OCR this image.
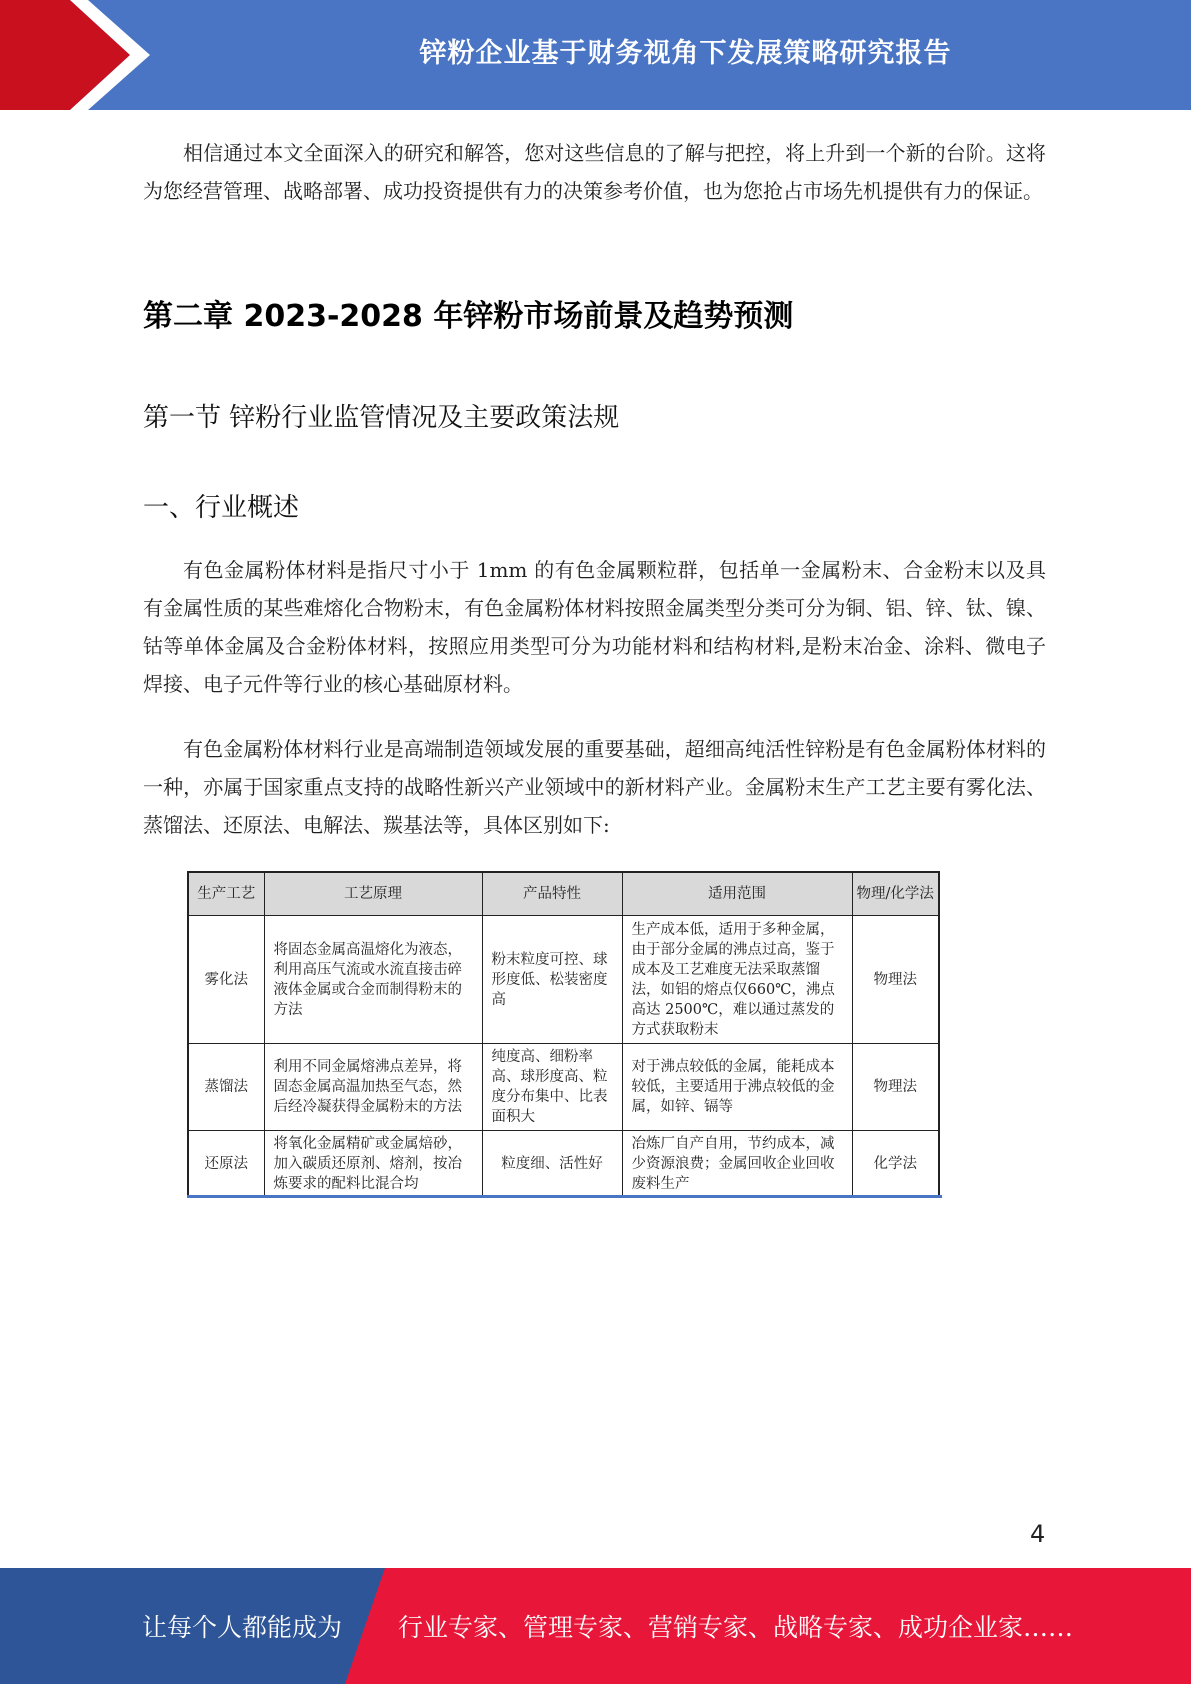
锌粉企业基于财务视角下发展策略研究报告

相信通过本文全面深入的研究和解答，您对这些信息的了解与把控，将上升到一个新的台阶。这将为您经营管理、战略部署、成功投资提供有力的决策参考价值，也为您抢占市场先机提供有力的保证。

第二章 2023-2028 年锌粉市场前景及趋势预测
第一节 锌粉行业监管情况及主要政策法规
一、行业概述

有色金属粉体材料是指尺寸小于 1mm 的有色金属颗粒群，包括单一金属粉末、合金粉末以及具有金属性质的某些难熔化合物粉末，有色金属粉体材料按照金属类型分类可分为铜、铝、锌、钛、镍、钴等单体金属及合金粉体材料，按照应用类型可分为功能材料和结构材料,是粉末冶金、涂料、微电子焊接、电子元件等行业的核心基础原材料。

有色金属粉体材料行业是高端制造领域发展的重要基础，超细高纯活性锌粉是有色金属粉体材料的一种，亦属于国家重点支持的战略性新兴产业领域中的新材料产业。金属粉末生产工艺主要有雾化法、蒸馏法、还原法、电解法、羰基法等，具体区别如下:

生产工艺	工艺原理	产品特性	适用范围	物理/化学法
雾化法	将固态金属高温熔化为液态，利用高压气流或水流直接击碎液体金属或合金而制得粉末的方法	粉末粒度可控、球形度低、松装密度高	生产成本低，适用于多种金属，由于部分金属的沸点过高，鉴于成本及工艺难度无法采取蒸馏法，如铝的熔点仅660℃，沸点高达 2500℃，难以通过蒸发的方式获取粉末	物理法
蒸馏法	利用不同金属熔沸点差异，将固态金属高温加热至气态，然后经冷凝获得金属粉末的方法	纯度高、细粉率高、球形度高、粒度分布集中、比表面积大	对于沸点较低的金属，能耗成本较低，主要适用于沸点较低的金属，如锌、镉等	物理法
还原法	将氧化金属精矿或金属焙砂，加入碳质还原剂、熔剂，按冶炼要求的配料比混合均	粒度细、活性好	冶炼厂自产自用，节约成本，减少资源浪费；金属回收企业回收废料生产	化学法
4
让每个人都能成为 行业专家、管理专家、营销专家、战略专家、成功企业家……
